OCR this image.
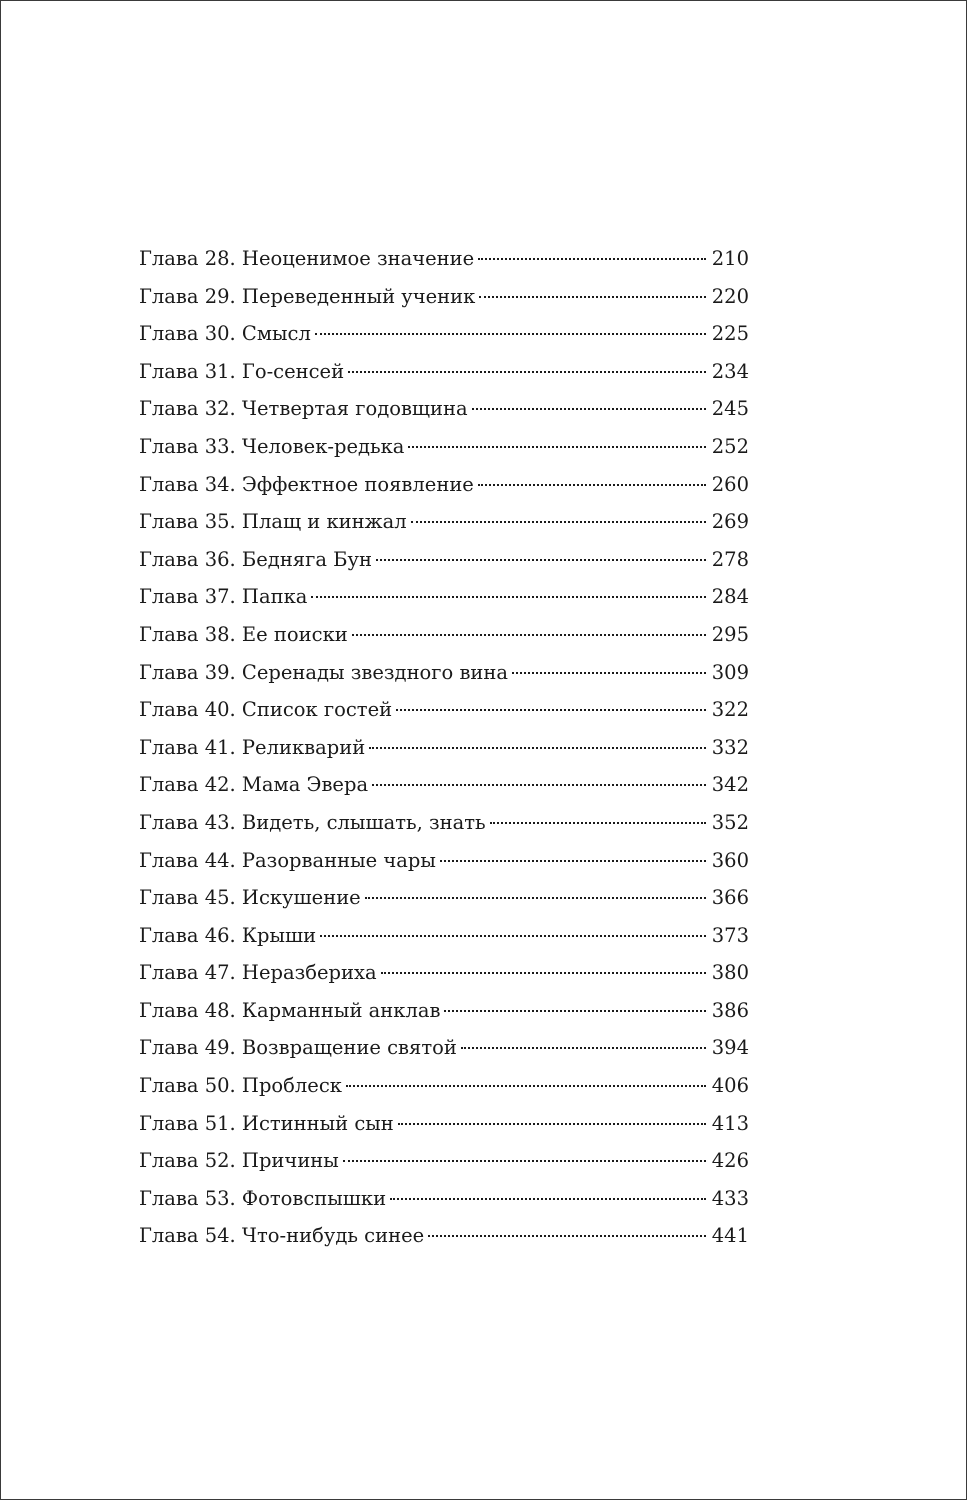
Глава 28. Неоценимое значение	210
Глава 29. Переведенный ученик	220
Глава 30. Смысл	225
Глава 31. Го-сенсей	234
Глава 32. Четвертая годовщина	245
Глава 33. Человек-редька	252
Глава 34. Эффектное появление	260
Глава 35. Плащ и кинжал	269
Глава 36. Бедняга Бун	278
Глава 37. Папка	284
Глава 38. Ее поиски	295
Глава 39. Серенады звездного вина	309
Глава 40. Список гостей	322
Глава 41. Реликварий	332
Глава 42. Мама Эвера	342
Глава 43. Видеть, слышать, знать	352
Глава 44. Разорванные чары	360
Глава 45. Искушение	366
Глава 46. Крыши	373
Глава 47. Неразбериха	380
Глава 48. Карманный анклав	386
Глава 49. Возвращение святой	394
Глава 50. Проблеск	406
Глава 51. Истинный сын	413
Глава 52. Причины	426
Глава 53. Фотовспышки	433
Глава 54. Что-нибудь синее	441
